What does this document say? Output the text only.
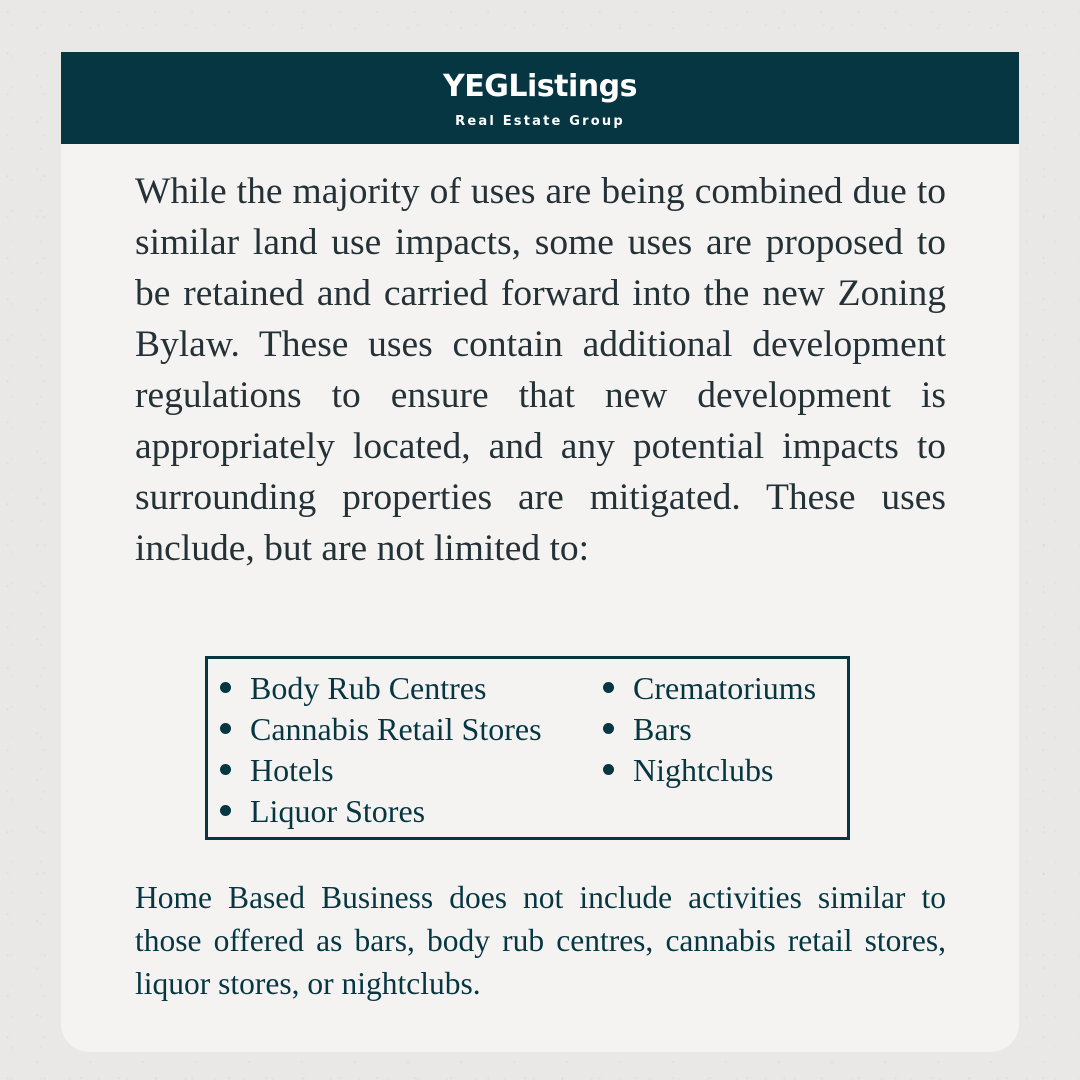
YEGListings
Real Estate Group

While the majority of uses are being combined due to similar land use impacts, some uses are proposed to be retained and carried forward into the new Zoning Bylaw. These uses contain additional development regulations to ensure that new development is appropriately located, and any potential impacts to surrounding properties are mitigated. These uses include, but are not limited to:

Body Rub Centres
Cannabis Retail Stores
Hotels
Liquor Stores
Crematoriums
Bars
Nightclubs

Home Based Business does not include activities similar to those offered as bars, body rub centres, cannabis retail stores, liquor stores, or nightclubs.
